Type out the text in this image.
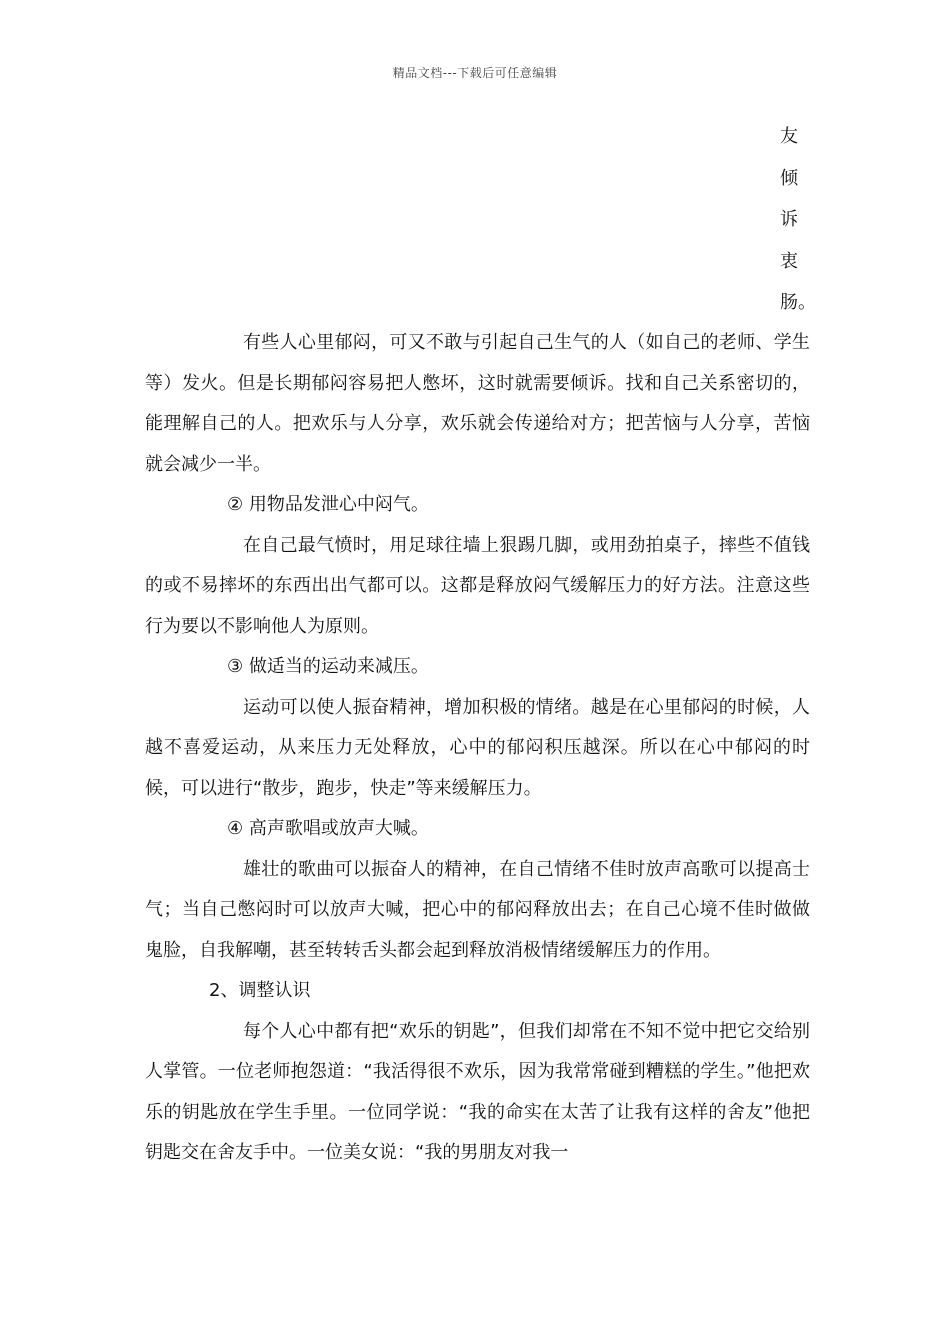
精品文档---下载后可任意编辑
友
倾
诉
衷
肠。

有些人心里郁闷，可又不敢与引起自己生气的人（如自己的老师、学生等）发火。但是长期郁闷容易把人憋坏，这时就需要倾诉。找和自己关系密切的，能理解自己的人。把欢乐与人分享，欢乐就会传递给对方；把苦恼与人分享，苦恼就会减少一半。

② 用物品发泄心中闷气。

在自己最气愤时，用足球往墙上狠踢几脚，或用劲拍桌子，摔些不值钱的或不易摔坏的东西出出气都可以。这都是释放闷气缓解压力的好方法。注意这些行为要以不影响他人为原则。

③ 做适当的运动来减压。

运动可以使人振奋精神，增加积极的情绪。越是在心里郁闷的时候，人越不喜爱运动，从来压力无处释放，心中的郁闷积压越深。所以在心中郁闷的时候，可以进行“散步，跑步，快走”等来缓解压力。

④ 高声歌唱或放声大喊。

雄壮的歌曲可以振奋人的精神，在自己情绪不佳时放声高歌可以提高士气；当自己憋闷时可以放声大喊，把心中的郁闷释放出去；在自己心境不佳时做做鬼脸，自我解嘲，甚至转转舌头都会起到释放消极情绪缓解压力的作用。

2、调整认识

每个人心中都有把“欢乐的钥匙”，但我们却常在不知不觉中把它交给别人掌管。一位老师抱怨道：“我活得很不欢乐，因为我常常碰到糟糕的学生。”他把欢乐的钥匙放在学生手里。一位同学说：“我的命实在太苦了让我有这样的舍友”他把钥匙交在舍友手中。一位美女说：“我的男朋友对我一
